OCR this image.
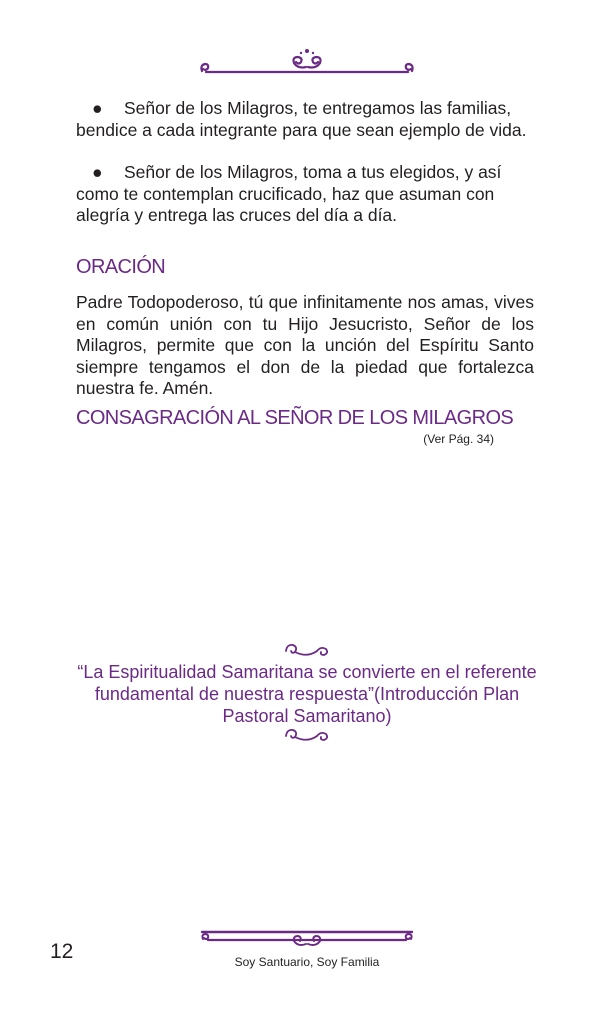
● Señor de los Milagros, te entregamos las familias, bendice a cada integrante para que sean ejemplo de vida.
● Señor de los Milagros, toma a tus elegidos, y así como te contemplan crucificado, haz que asuman con alegría y entrega las cruces del día a día.
ORACIÓN
Padre Todopoderoso, tú que infinitamente nos amas, vives en común unión con tu Hijo Jesucristo, Señor de los Milagros, permite que con la unción del Espíritu Santo siempre tengamos el don de la piedad que fortalezca nuestra fe. Amén.
CONSAGRACIÓN AL SEÑOR DE LOS MILAGROS
(Ver Pág. 34)
“La Espiritualidad Samaritana se convierte en el referente
fundamental de nuestra respuesta”(Introducción Plan
Pastoral Samaritano)
12	Soy Santuario, Soy Familia
